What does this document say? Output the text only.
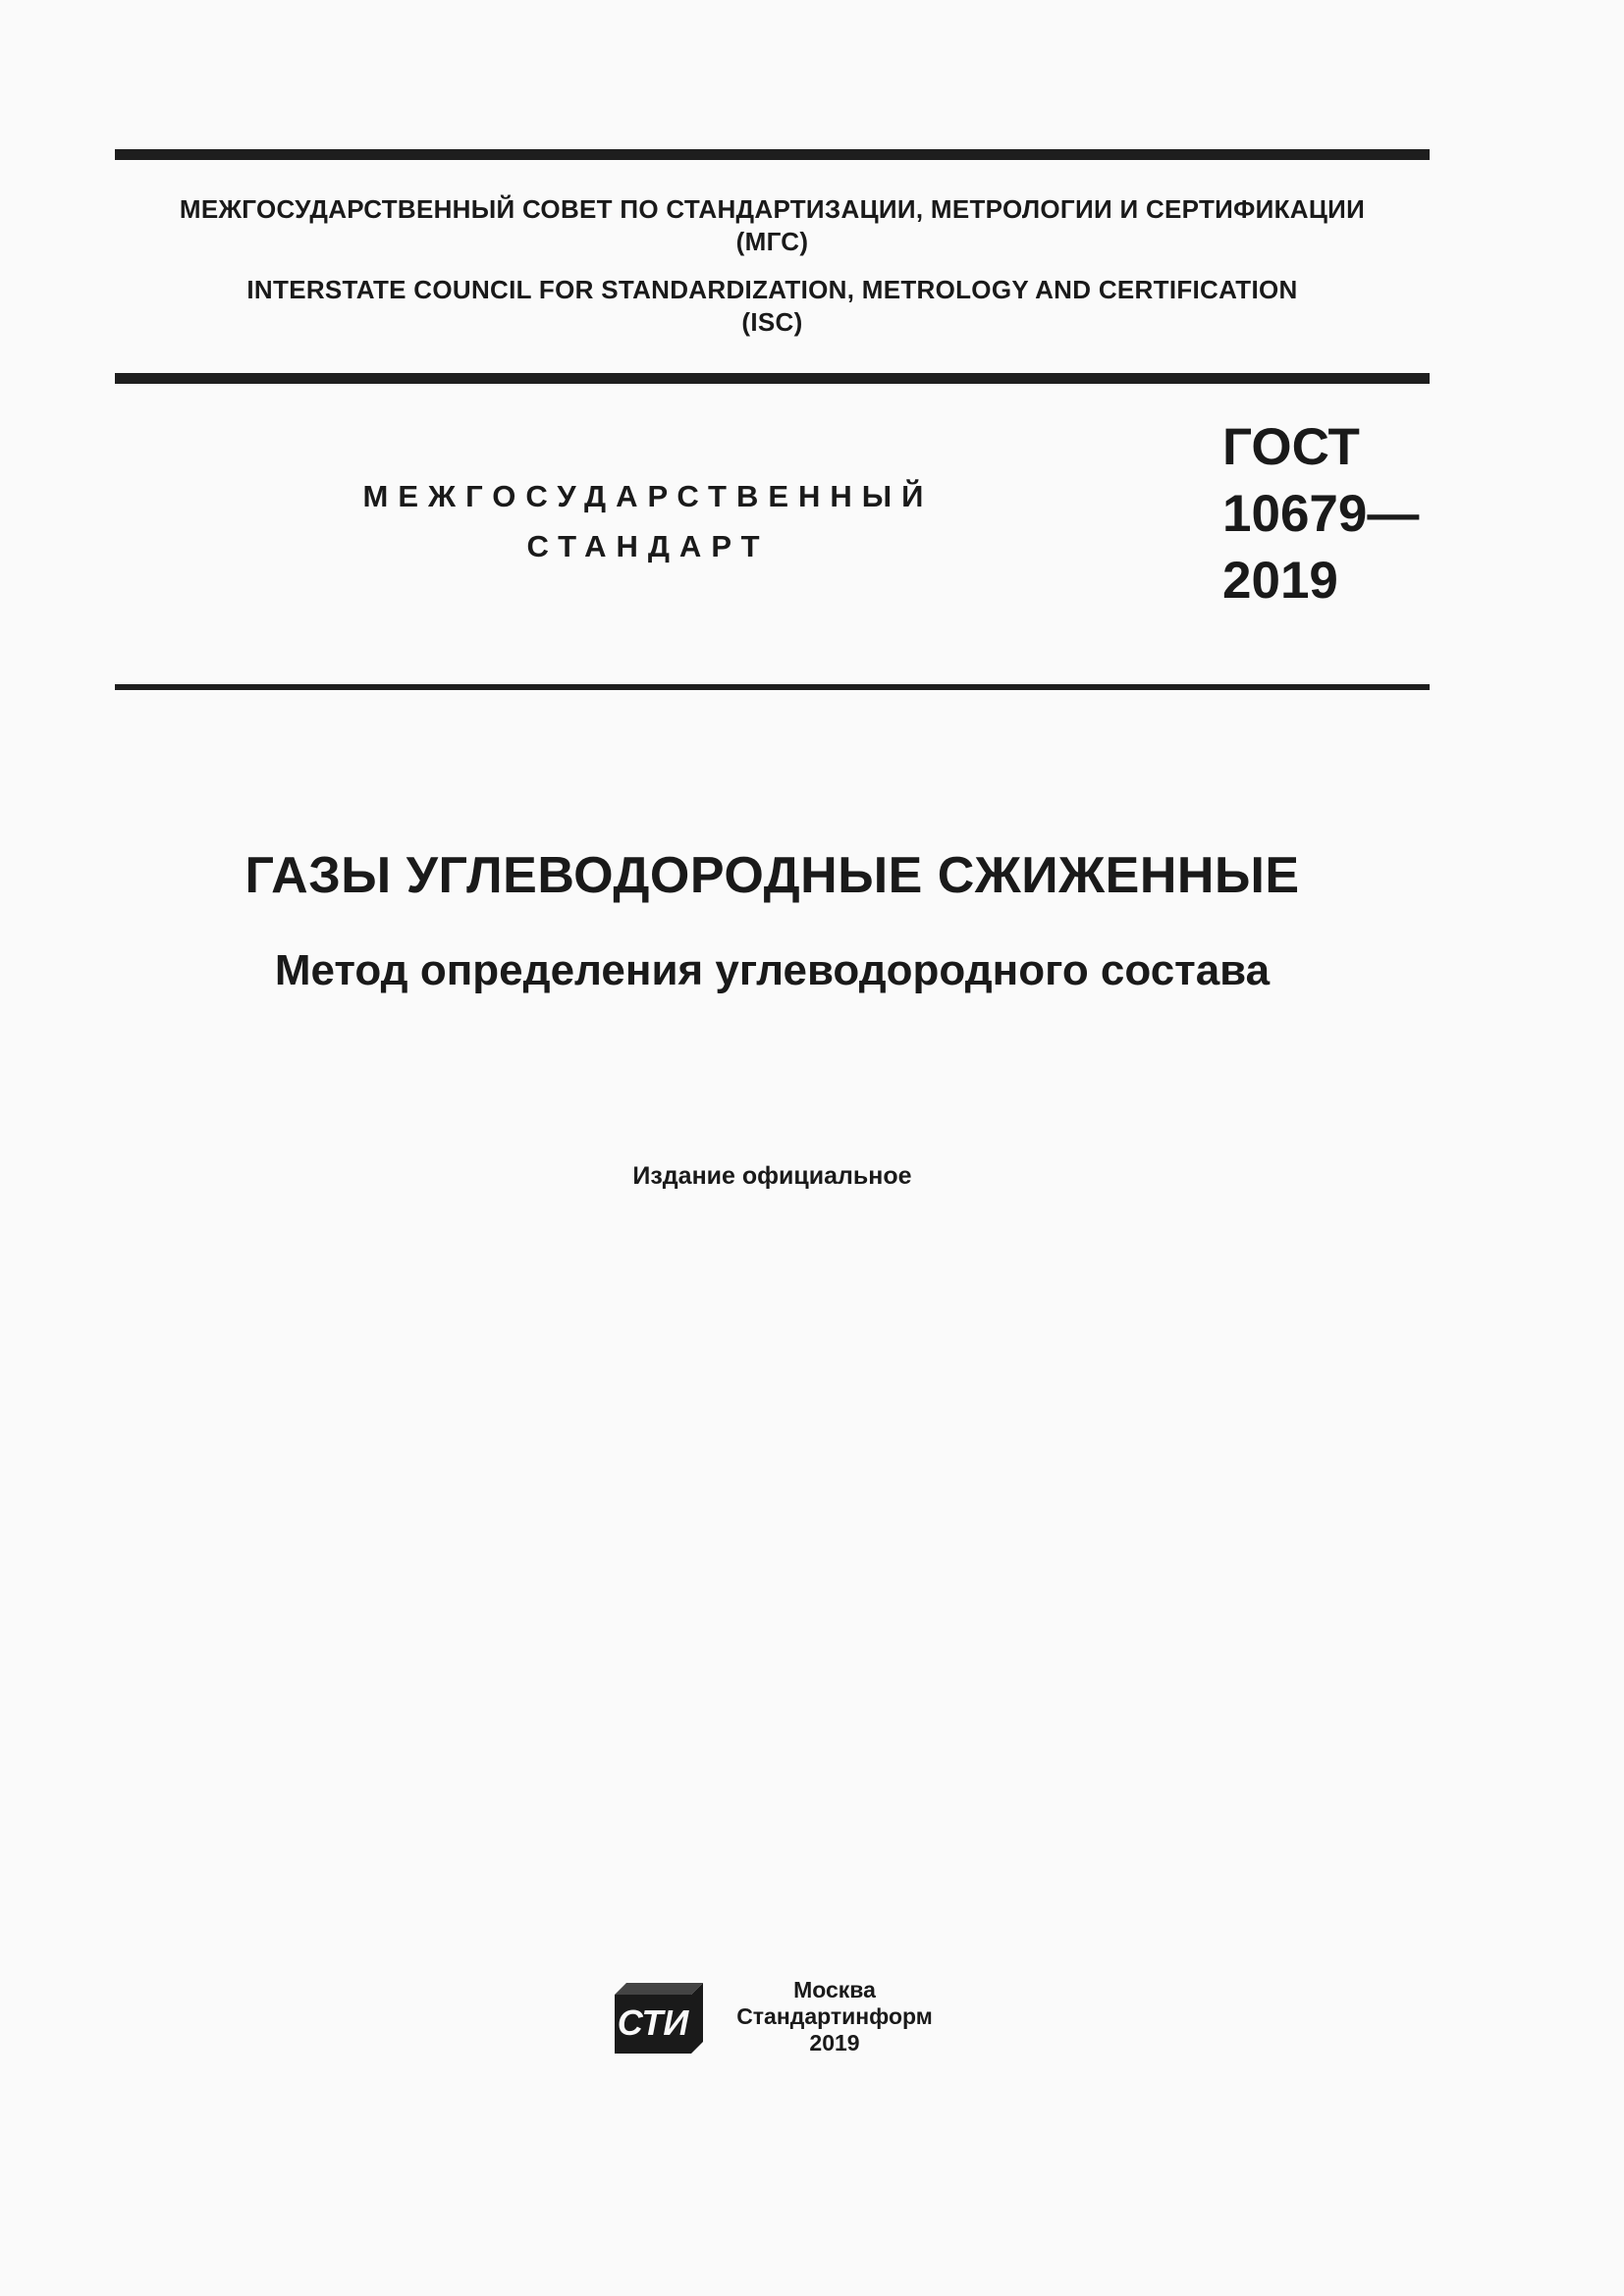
МЕЖГОСУДАРСТВЕННЫЙ СОВЕТ ПО СТАНДАРТИЗАЦИИ, МЕТРОЛОГИИ И СЕРТИФИКАЦИИ
(МГС)
INTERSTATE COUNCIL FOR STANDARDIZATION, METROLOGY AND CERTIFICATION
(ISC)
МЕЖГОСУДАРСТВЕННЫЙ
СТАНДАРТ
ГОСТ
10679—
2019
ГАЗЫ УГЛЕВОДОРОДНЫЕ СЖИЖЕННЫЕ
Метод определения углеводородного состава
Издание официальное
СТИ
Москва
Стандартинформ
2019
